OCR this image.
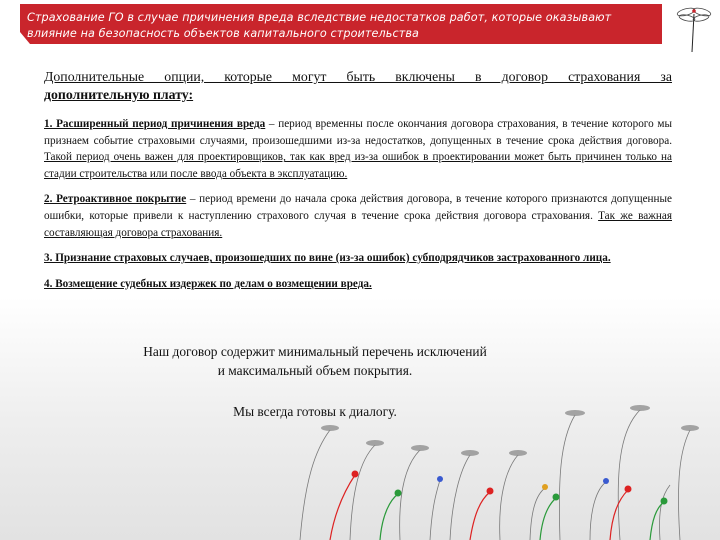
Страхование ГО в случае причинения вреда вследствие недостатков работ, которые оказывают влияние на безопасность объектов капитального строительства

Дополнительные опции, которые могут быть включены в договор страхования за

дополнительную плату:

1. Расширенный период причинения вреда – период временны после окончания договора страхования, в течение которого мы признаем событие страховыми случаями, произошедшими из-за недостатков, допущенных в течение срока действия договора. Такой период очень важен для проектировщиков, так как вред из-за ошибок в проектировании может быть причинен только на стадии строительства или после ввода объекта в эксплуатацию.

2. Ретроактивное покрытие – период времени до начала срока действия договора, в течение которого признаются допущенные ошибки, которые привели к наступлению страхового случая в течение срока действия договора страхования. Так же важная составляющая договора страхования.

3. Признание страховых случаев, произошедших по вине (из-за ошибок) субподрядчиков застрахованного лица.

4. Возмещение судебных издержек по делам о возмещении вреда.

Наш договор содержит минимальный перечень исключений
и максимальный объем покрытия.
Мы всегда готовы к диалогу.
